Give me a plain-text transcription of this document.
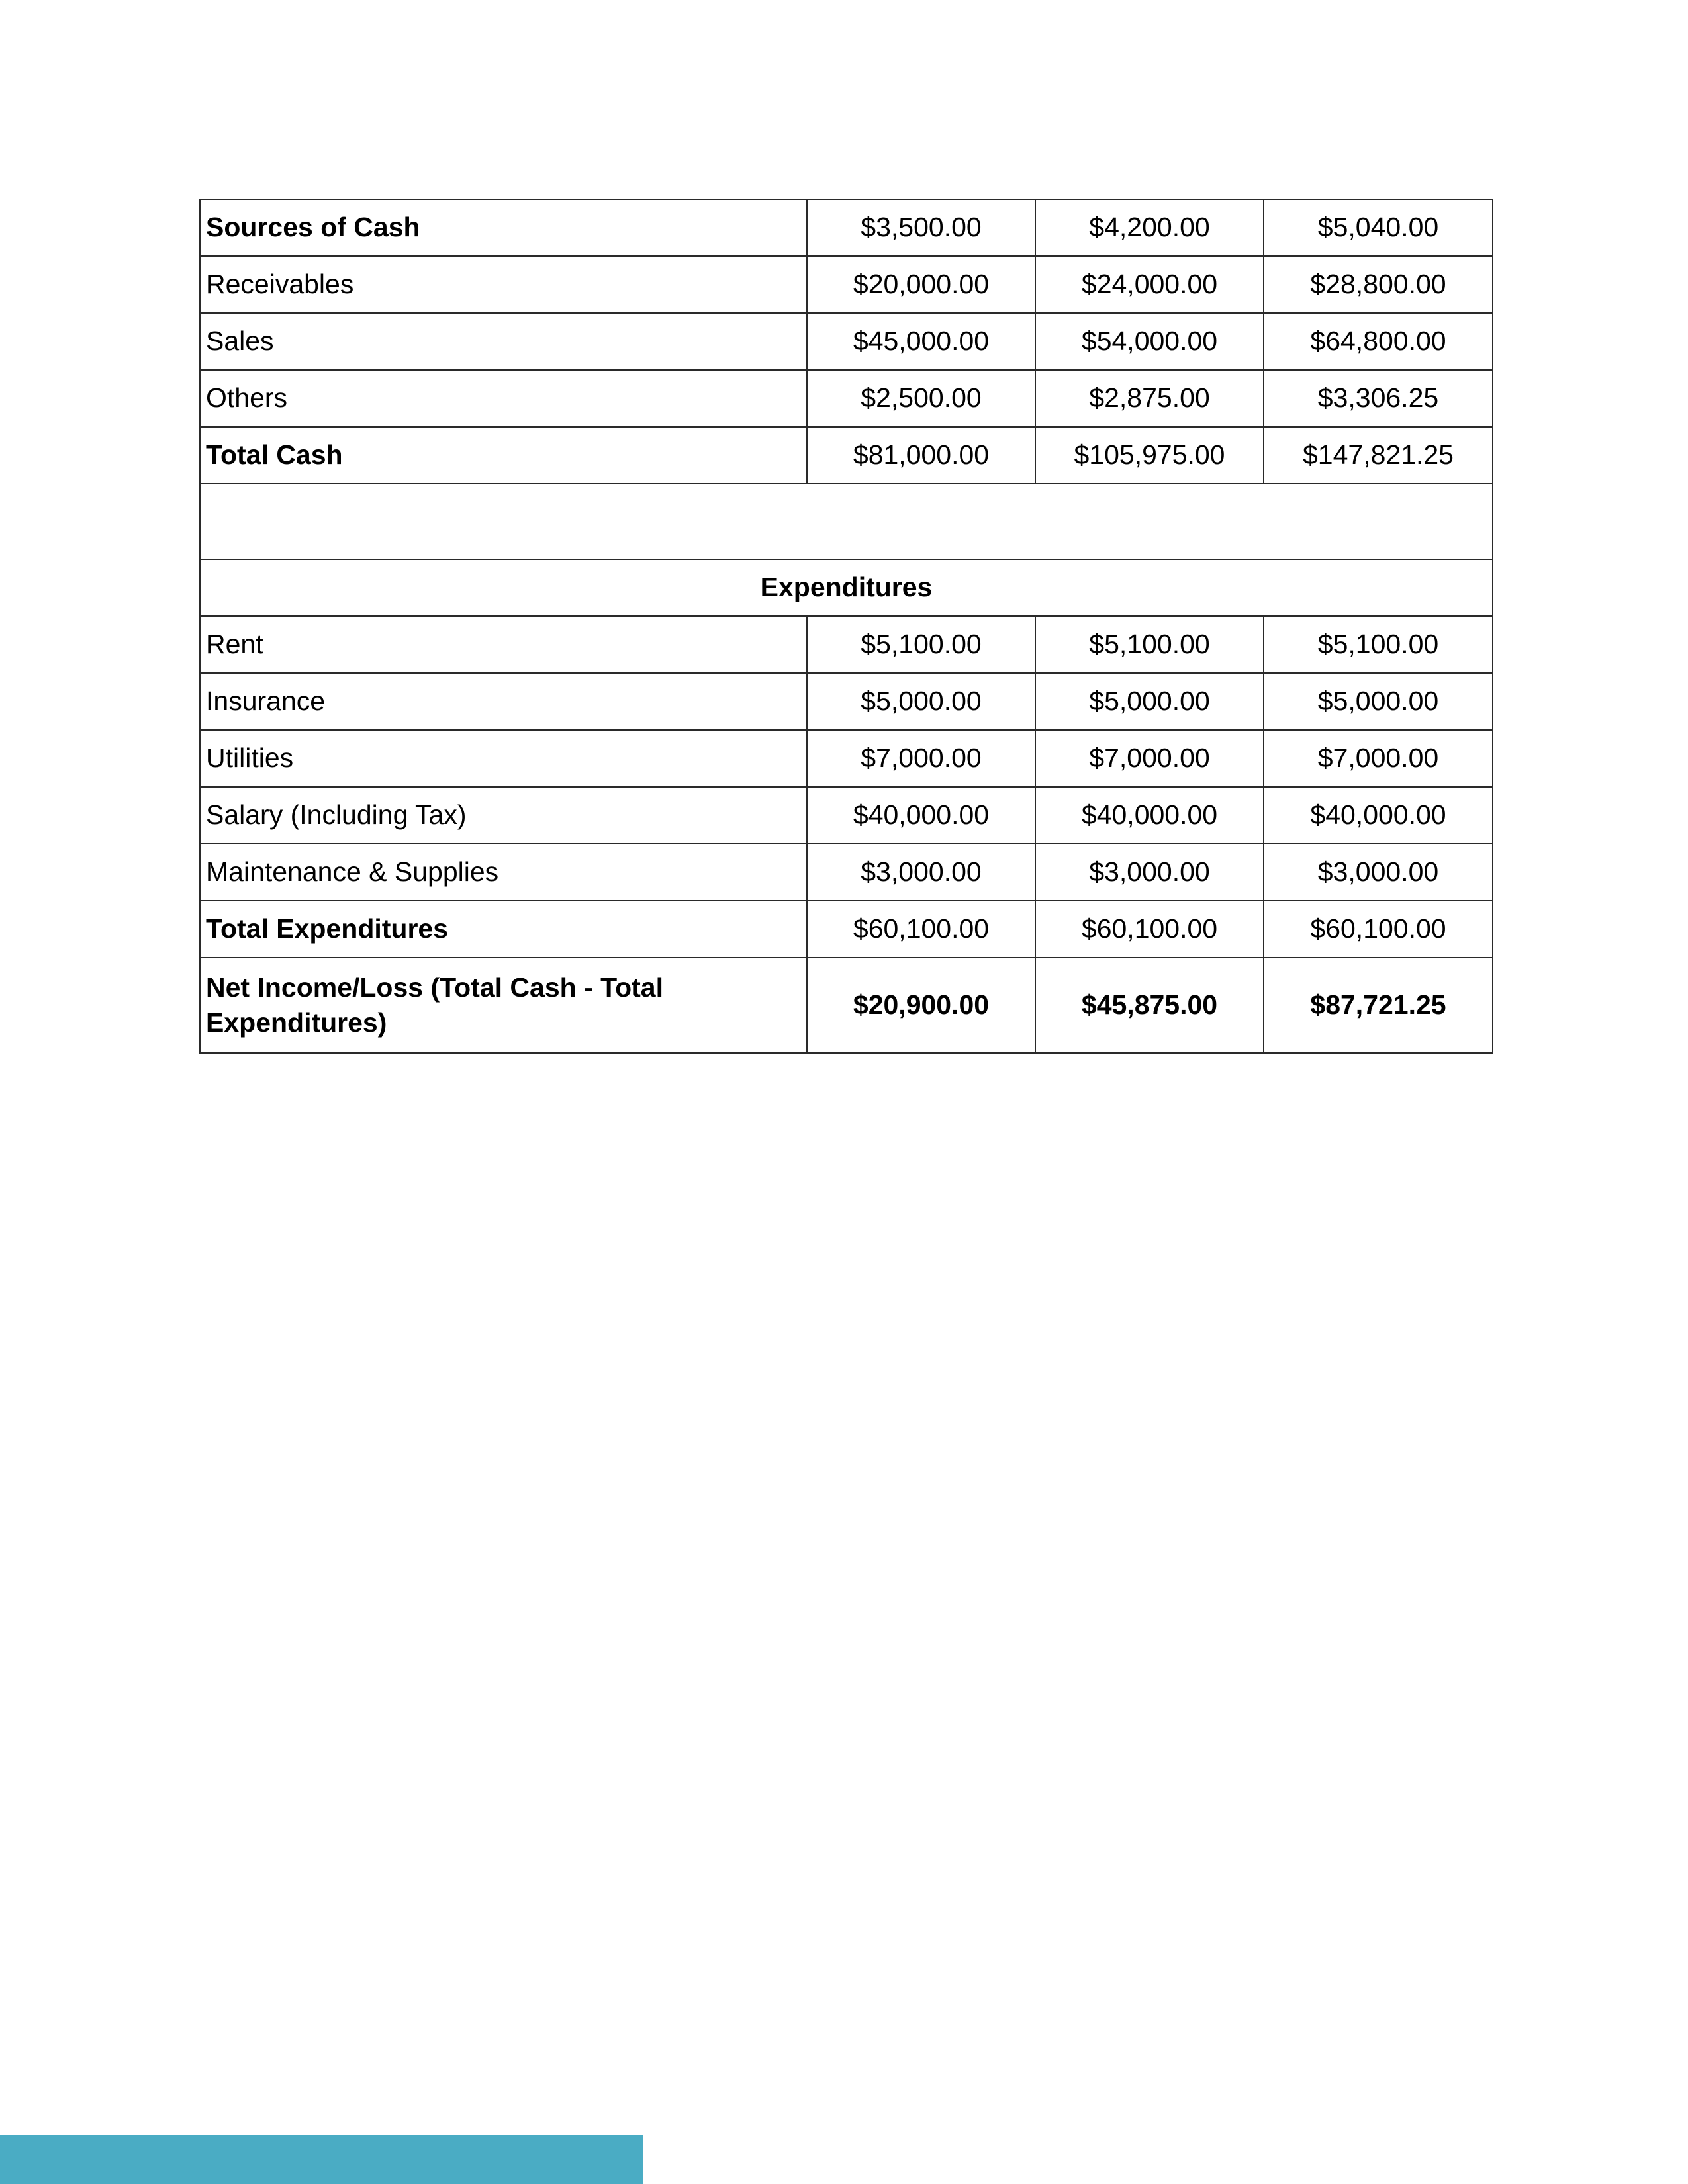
Sources of Cash	$3,500.00	$4,200.00	$5,040.00
Receivables	$20,000.00	$24,000.00	$28,800.00
Sales	$45,000.00	$54,000.00	$64,800.00
Others	$2,500.00	$2,875.00	$3,306.25
Total Cash	$81,000.00	$105,975.00	$147,821.25

Expenditures			
Rent	$5,100.00	$5,100.00	$5,100.00
Insurance	$5,000.00	$5,000.00	$5,000.00
Utilities	$7,000.00	$7,000.00	$7,000.00
Salary (Including Tax)	$40,000.00	$40,000.00	$40,000.00
Maintenance & Supplies	$3,000.00	$3,000.00	$3,000.00
Total Expenditures	$60,100.00	$60,100.00	$60,100.00
Net Income/Loss (Total Cash - Total Expenditures)	$20,900.00	$45,875.00	$87,721.25
